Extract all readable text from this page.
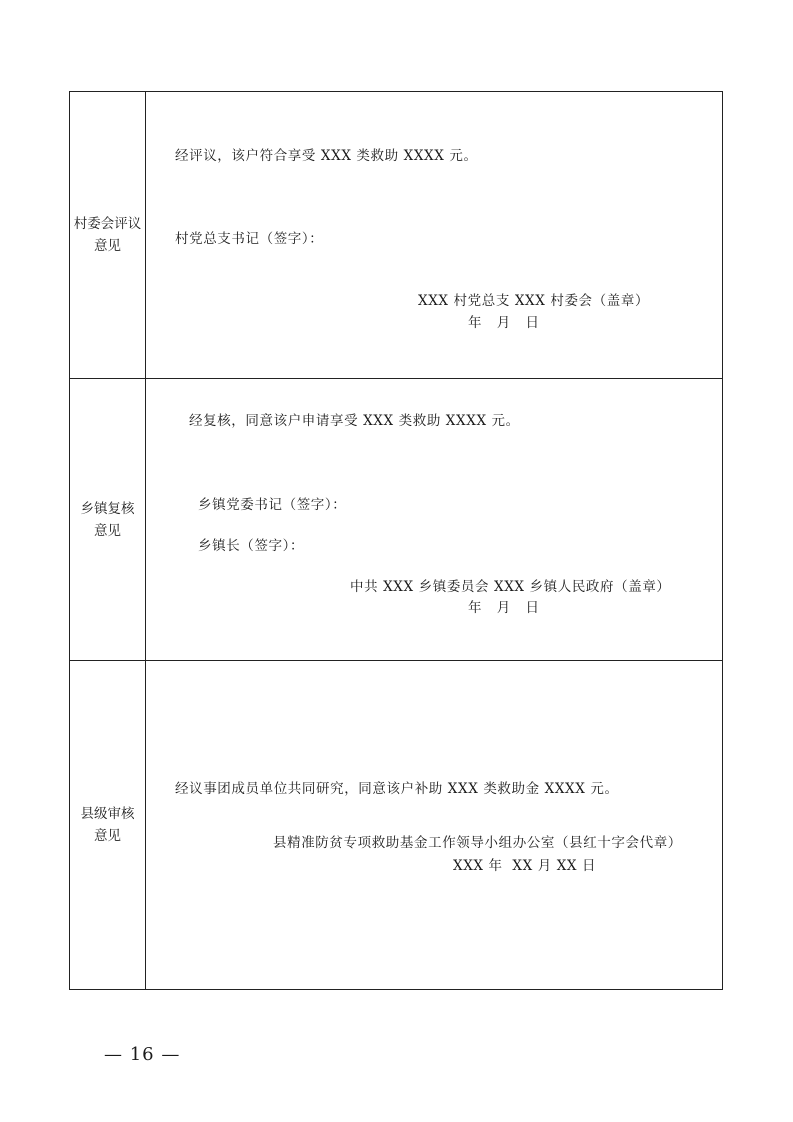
村委会评议
意见
经评议，该户符合享受 XXX 类救助 XXXX 元。
村党总支书记（签字）：
XXX 村党总支 XXX 村委会（盖章）
年   月   日
乡镇复核
意见
经复核，同意该户申请享受 XXX 类救助 XXXX 元。
乡镇党委书记（签字）：
乡镇长（签字）：
中共 XXX 乡镇委员会 XXX 乡镇人民政府（盖章）
年   月   日
县级审核
意见
经议事团成员单位共同研究，同意该户补助 XXX 类救助金 XXXX 元。
县精准防贫专项救助基金工作领导小组办公室（县红十字会代章）
XXX 年  XX 月 XX 日
— 16 —
